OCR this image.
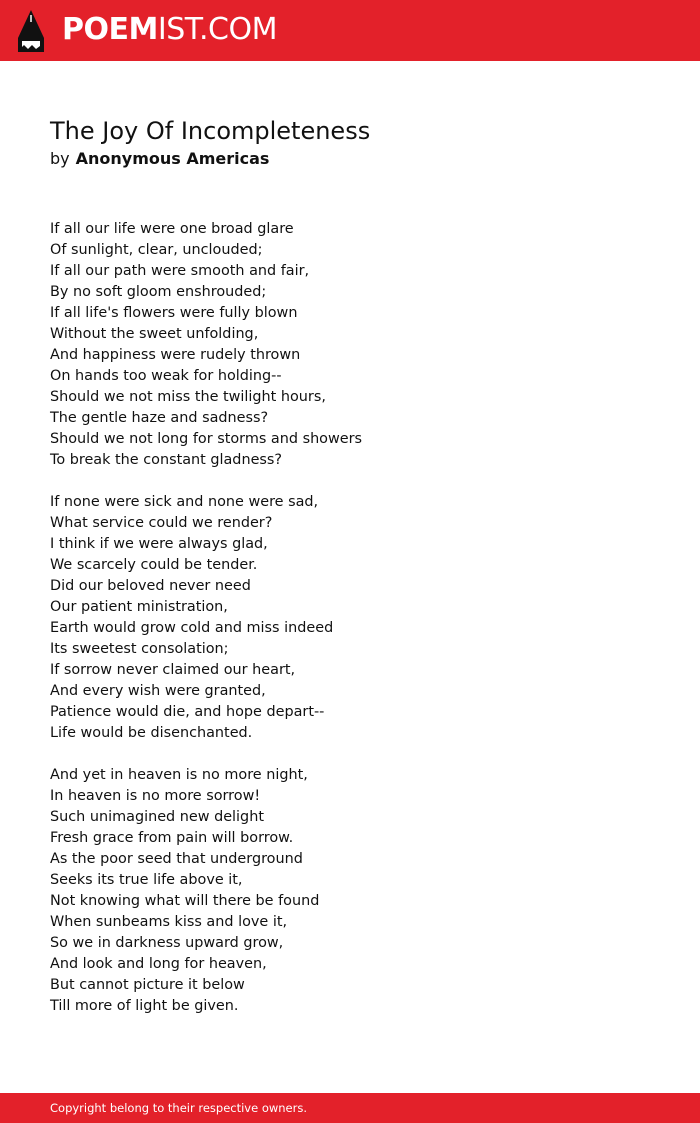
POEMIST.COM
The Joy Of Incompleteness
by Anonymous Americas
If all our life were one broad glare
Of sunlight, clear, unclouded;
If all our path were smooth and fair,
By no soft gloom enshrouded;
If all life's flowers were fully blown
Without the sweet unfolding,
And happiness were rudely thrown
On hands too weak for holding--
Should we not miss the twilight hours,
The gentle haze and sadness?
Should we not long for storms and showers
To break the constant gladness?
If none were sick and none were sad,
What service could we render?
I think if we were always glad,
We scarcely could be tender.
Did our beloved never need
Our patient ministration,
Earth would grow cold and miss indeed
Its sweetest consolation;
If sorrow never claimed our heart,
And every wish were granted,
Patience would die, and hope depart--
Life would be disenchanted.
And yet in heaven is no more night,
In heaven is no more sorrow!
Such unimagined new delight
Fresh grace from pain will borrow.
As the poor seed that underground
Seeks its true life above it,
Not knowing what will there be found
When sunbeams kiss and love it,
So we in darkness upward grow,
And look and long for heaven,
But cannot picture it below
Till more of light be given.
Copyright belong to their respective owners.
